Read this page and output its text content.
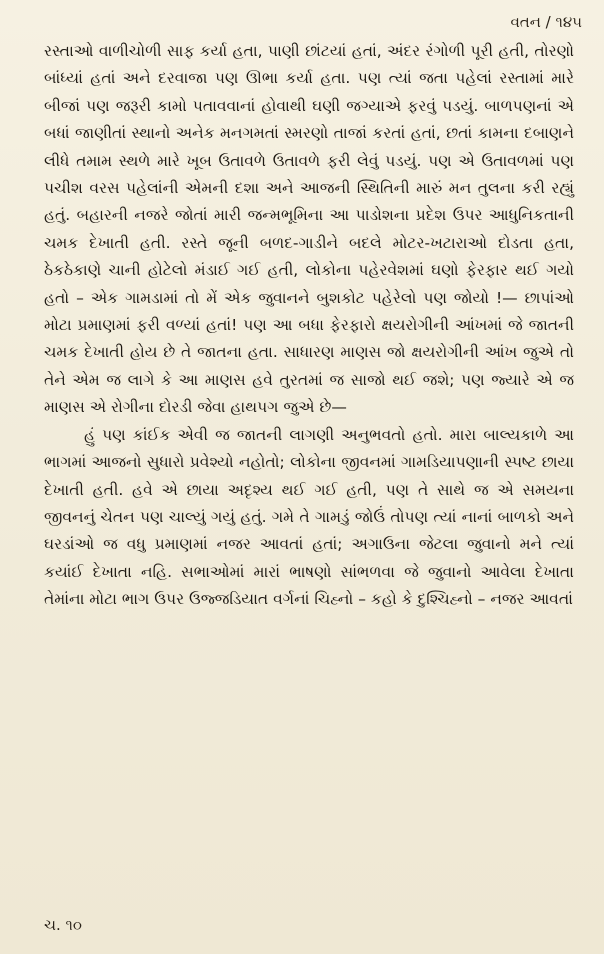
વતન / ૧૪૫

રસ્તાઓ વાળીચોળી સાફ કર્યા હતા, પાણી છાંટયાં હતાં, અંદર રંગોળી પૂરી હતી, તોરણો બાંધ્યાં હતાં અને દરવાજા પણ ઊભા કર્યા હતા. પણ ત્યાં જતા પહેલાં રસ્તામાં મારે બીજાં પણ જરૂરી કામો પતાવવાનાં હોવાથી ઘણી જગ્યાએ ફરવું પડયું. બાળપણનાં એ બધાં જાણીતાં સ્થાનો અનેક મનગમતાં સ્મરણો તાજાં કરતાં હતાં, છતાં કામના દબાણને લીધે તમામ સ્થળે મારે ખૂબ ઉતાવળે ઉતાવળે ફરી લેવું પડયું. પણ એ ઉતાવળમાં પણ પચીશ વરસ પહેલાંની એમની દશા અને આજની સ્થિતિની મારું મન તુલના કરી રહ્યું હતું. બહારની નજરે જોતાં મારી જન્મભૂમિના આ પાડોશના પ્રદેશ ઉપર આધુનિકતાની ચમક દેખાતી હતી. રસ્તે જૂની બળદ-ગાડીને બદલે મોટર-ખટારાઓ દોડતા હતા, ઠેકઠેકાણે ચાની હોટેલો મંડાઈ ગઈ હતી, લોકોના પહેરવેશમાં ઘણો ફેરફાર થઈ ગયો હતો – એક ગામડામાં તો મેં એક જુવાનને બુશકોટ પહેરેલો પણ જોયો !— છાપાંઓ મોટા પ્રમાણમાં ફરી વળ્યાં હતાં! પણ આ બધા ફેરફારો ક્ષયરોગીની આંખમાં જે જાતની ચમક દેખાતી હોય છે તે જાતના હતા. સાધારણ માણસ જો ક્ષયરોગીની આંખ જુએ તો તેને એમ જ લાગે કે આ માણસ હવે તુરતમાં જ સાજો થઈ જશે; પણ જ્યારે એ જ માણસ એ રોગીના દોરડી જેવા હાથપગ જુએ છે—

હું પણ કાંઈક એવી જ જાતની લાગણી અનુભવતો હતો. મારા બાલ્યકાળે આ ભાગમાં આજનો સુધારો પ્રવેશ્યો નહોતો; લોકોના જીવનમાં ગામડિયાપણાની સ્પષ્ટ છાયા દેખાતી હતી. હવે એ છાયા અદૃશ્ય થઈ ગઈ હતી, પણ તે સાથે જ એ સમયના જીવનનું ચેતન પણ ચાલ્યું ગયું હતું. ગમે તે ગામડું જોઉં તોપણ ત્યાં નાનાં બાળકો અને ઘરડાંઓ જ વધુ પ્રમાણમાં નજર આવતાં હતાં; અગાઉના જેટલા જુવાનો મને ત્યાં કયાંઈ દેખાતા નહિ. સભાઓમાં મારાં ભાષણો સાંભળવા જે જુવાનો આવેલા દેખાતા તેમાંના મોટા ભાગ ઉપર ઉજ્જડિયાત વર્ગનાં ચિહ્નો – કહો કે દુશ્ચિહ્નો – નજર આવતાં

ચ. ૧૦
